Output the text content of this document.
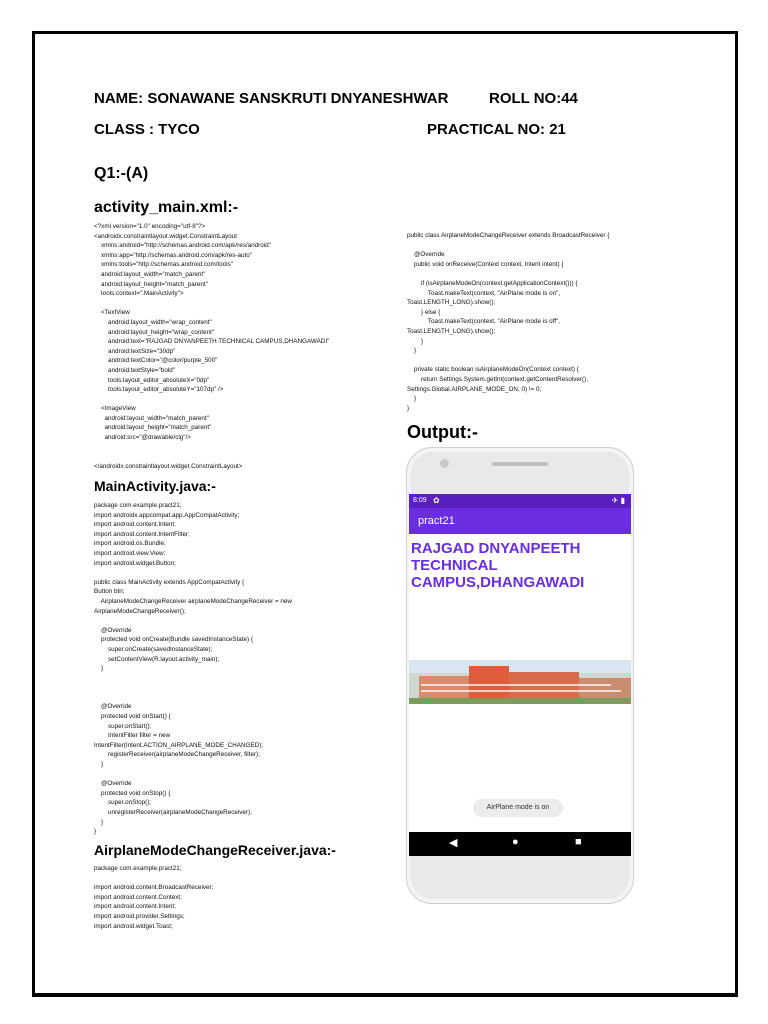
NAME: SONAWANE SANSKRUTI DNYANESHWAR	ROLL NO:44
CLASS : TYCO	PRACTICAL NO: 21
Q1:-(A)
activity_main.xml:-
<?xml version="1.0" encoding="utf-8"?>
<androidx.constraintlayout.widget.ConstraintLayout
xmlns:android="http://schemas.android.com/apk/res/android"
xmlns:app="http://schemas.android.com/apk/res-auto"
xmlns:tools="http://schemas.android.com/tools"
android:layout_width="match_parent"
android:layout_height="match_parent"
tools:context=".MainActivity">

<TextView
android:layout_width="wrap_content"
android:layout_height="wrap_content"
android:text="RAJGAD DNYANPEETH TECHNICAL CAMPUS,DHANGAWADI"
android:textSize="30dp"
android:textColor="@color/purple_500"
android:textStyle="bold"
tools:layout_editor_absoluteX="0dp"
tools:layout_editor_absoluteY="107dp" />

<ImageView
android:layout_width="match_parent"
android:layout_height="match_parent"
android:src="@drawable/clg"/>

</androidx.constraintlayout.widget.ConstraintLayout>
MainActivity.java:-
package com.example.pract21;
import androidx.appcompat.app.AppCompatActivity;
import android.content.Intent;
import android.content.IntentFilter;
import android.os.Bundle;
import android.view.View;
import android.widget.Button;

public class MainActivity extends AppCompatActivity {
Button btn;
AirplaneModeChangeReceiver airplaneModeChangeReceiver = new
AirplaneModeChangeReceiver();

@Override
protected void onCreate(Bundle savedInstanceState) {
super.onCreate(savedInstanceState);
setContentView(R.layout.activity_main);
}

@Override
protected void onStart() {
super.onStart();
IntentFilter filter = new
IntentFilter(Intent.ACTION_AIRPLANE_MODE_CHANGED);
registerReceiver(airplaneModeChangeReceiver, filter);
}

@Override
protected void onStop() {
super.onStop();
unregisterReceiver(airplaneModeChangeReceiver);
}
}
AirplaneModeChangeReceiver.java:-
package com.example.pract21;

import android.content.BroadcastReceiver;
import android.content.Context;
import android.content.Intent;
import android.provider.Settings;
import android.widget.Toast;
public class AirplaneModeChangeReceiver extends BroadcastReceiver {

@Override
public void onReceive(Context context, Intent intent) {

if (isAirplaneModeOn(context.getApplicationContext())) {
Toast.makeText(context, "AirPlane mode is on",
Toast.LENGTH_LONG).show();
} else {
Toast.makeText(context, "AirPlane mode is off",
Toast.LENGTH_LONG).show();
}
}

private static boolean isAirplaneModeOn(Context context) {
return Settings.System.getInt(context.getContentResolver(),
Settings.Global.AIRPLANE_MODE_ON, 0) != 0;
}
}
Output:-
8:09 ✿	✈ ▮
pract21
RAJGAD DNYANPEETH TECHNICAL CAMPUS,DHANGAWADI
AirPlane mode is on
◀	●	■
